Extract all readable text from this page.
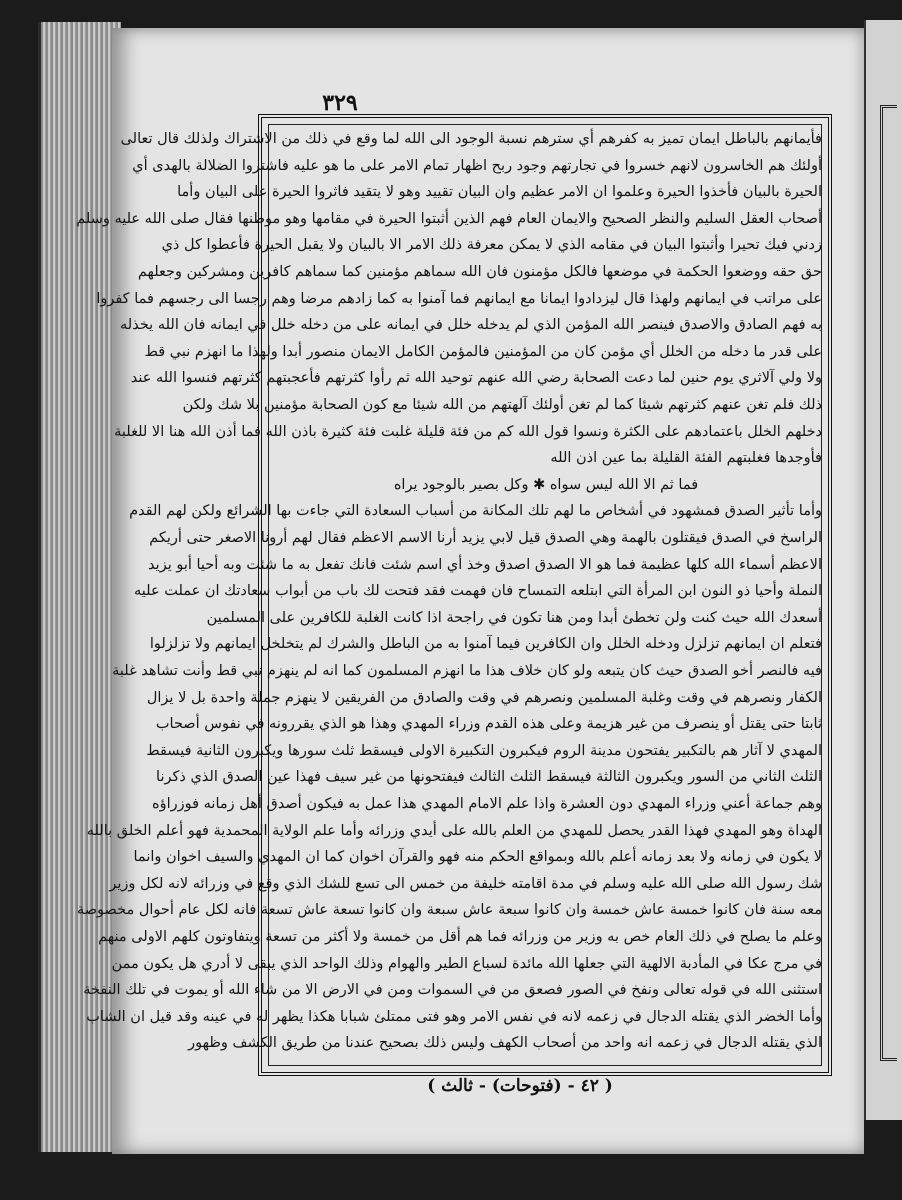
٣٢٩
فأيمانهم بالباطل ايمان تميز به كفرهم أي سترهم نسبة الوجود الى الله لما وقع في ذلك من الاشتراك ولذلك قال تعالى
أولئك هم الخاسرون لانهم خسروا في تجارتهم وجود ربح اظهار تمام الامر على ما هو عليه فاشتروا الضلالة بالهدى أي
الحيرة بالبيان فأخذوا الحيرة وعلموا ان الامر عظيم وان البيان تقييد وهو لا يتقيد فاثروا الحيرة على البيان وأما
أصحاب العقل السليم والنظر الصحيح والايمان العام فهم الذين أثبتوا الحيرة في مقامها وهو موطنها فقال صلى الله عليه وسلم
زدني فيك تحيرا وأثبتوا البيان في مقامه الذي لا يمكن معرفة ذلك الامر الا بالبيان ولا يقبل الحيرة فأعطوا كل ذي
حق حقه ووضعوا الحكمة في موضعها فالكل مؤمنون فان الله سماهم مؤمنين كما سماهم كافرين ومشركين وجعلهم
على مراتب في ايمانهم ولهذا قال ليزدادوا ايمانا مع ايمانهم فما آمنوا به كما زادهم مرضا وهم رجسا الى رجسهم فما كفروا
به فهم الصادق والاصدق فينصر الله المؤمن الذي لم يدخله خلل في ايمانه على من دخله خلل في ايمانه فان الله يخذله
على قدر ما دخله من الخلل أي مؤمن كان من المؤمنين فالمؤمن الكامل الايمان منصور أبدا ولهذا ما انهزم نبي قط
ولا ولي آلاثري يوم حنين لما دعت الصحابة رضي الله عنهم توحيد الله ثم رأوا كثرتهم فأعجبتهم كثرتهم فنسوا الله عند
ذلك فلم تغن عنهم كثرتهم شيئا كما لم تغن أولئك آلهتهم من الله شيئا مع كون الصحابة مؤمنين بلا شك ولكن
دخلهم الخلل باعتمادهم على الكثرة ونسوا قول الله كم من فئة قليلة غلبت فئة كثيرة باذن الله فما أذن الله هنا الا للغلبة
فأوجدها فغلبتهم الفئة القليلة بما عين اذن الله
فما ثم الا الله ليس سواه ✱ وكل بصير بالوجود يراه
وأما تأثير الصدق فمشهود في أشخاص ما لهم تلك المكانة من أسباب السعادة التي جاءت بها الشرائع ولكن لهم القدم
الراسخ في الصدق فيقتلون بالهمة وهي الصدق قيل لابي يزيد أرنا الاسم الاعظم فقال لهم أرونا الاصغر حتى أريكم
الاعظم أسماء الله كلها عظيمة فما هو الا الصدق اصدق وخذ أي اسم شئت فانك تفعل به ما شئت وبه أحيا أبو يزيد
النملة وأحيا ذو النون ابن المرأة التي ابتلعه التمساح فان فهمت فقد فتحت لك باب من أبواب سعادتك ان عملت عليه
أسعدك الله حيث كنت ولن تخطئ أبدا ومن هنا تكون في راجحة اذا كانت الغلبة للكافرين على المسلمين
فتعلم ان ايمانهم تزلزل ودخله الخلل وان الكافرين فيما آمنوا به من الباطل والشرك لم يتخلخل ايمانهم ولا تزلزلوا
فيه فالنصر أخو الصدق حيث كان يتبعه ولو كان خلاف هذا ما انهزم المسلمون كما انه لم ينهزم نبي قط وأنت تشاهد غلبة
الكفار ونصرهم في وقت وغلبة المسلمين ونصرهم في وقت والصادق من الفريقين لا ينهزم جملة واحدة بل لا يزال
ثابتا حتى يقتل أو ينصرف من غير هزيمة وعلى هذه القدم وزراء المهدي وهذا هو الذي يقررونه في نفوس أصحاب
المهدي لا آثار هم بالتكبير يفتحون مدينة الروم فيكبرون التكبيرة الاولى فيسقط ثلث سورها ويكبرون الثانية فيسقط
الثلث الثاني من السور ويكبرون الثالثة فيسقط الثلث الثالث فيفتحونها من غير سيف فهذا عين الصدق الذي ذكرنا
وهم جماعة أعني وزراء المهدي دون العشرة واذا علم الامام المهدي هذا عمل به فيكون أصدق أهل زمانه فوزراؤه
الهداة وهو المهدي فهذا القدر يحصل للمهدي من العلم بالله على أيدي وزرائه وأما علم الولاية المحمدية فهو أعلم الخلق بالله
لا يكون في زمانه ولا بعد زمانه أعلم بالله وبمواقع الحكم منه فهو والقرآن اخوان كما ان المهدي والسيف اخوان وانما
شك رسول الله صلى الله عليه وسلم في مدة اقامته خليفة من خمس الى تسع للشك الذي وقع في وزرائه لانه لكل وزير
معه سنة فان كانوا خمسة عاش خمسة وان كانوا سبعة عاش سبعة وان كانوا تسعة عاش تسعة فانه لكل عام أحوال مخصوصة
وعلم ما يصلح في ذلك العام خص به وزير من وزرائه فما هم أقل من خمسة ولا أكثر من تسعة ويتفاوتون كلهم الاولى منهم
في مرج عكا في المأدبة الالهية التي جعلها الله مائدة لسباع الطير والهوام وذلك الواحد الذي يبقى لا أدري هل يكون ممن
استثنى الله في قوله تعالى ونفخ في الصور فصعق من في السموات ومن في الارض الا من شاء الله أو يموت في تلك النفخة
وأما الخضر الذي يقتله الدجال في زعمه لانه في نفس الامر وهو فتى ممتلئ شبابا هكذا يظهر له في عينه وقد قيل ان الشاب
الذي يقتله الدجال في زعمه انه واحد من أصحاب الكهف وليس ذلك بصحيح عندنا من طريق الكشف وظهور
( ٤٢ - (فتوحات) - ثالث )
